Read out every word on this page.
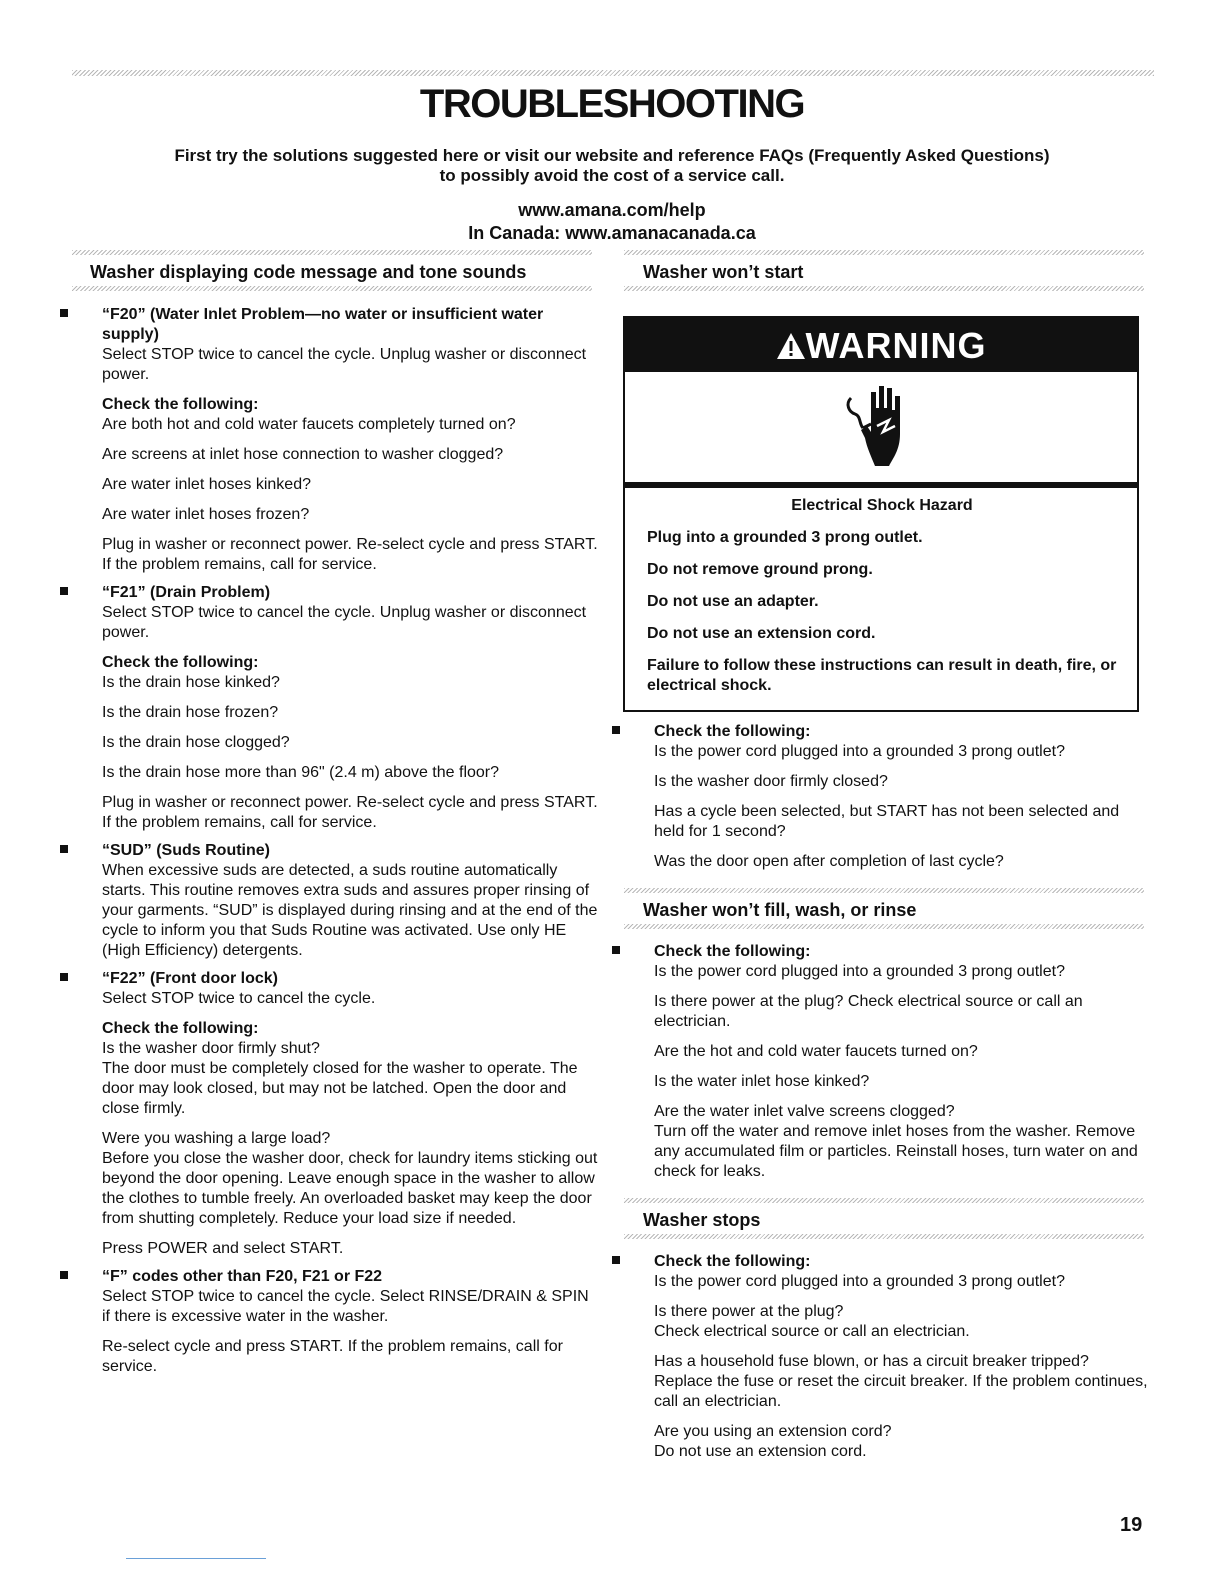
TROUBLESHOOTING
First try the solutions suggested here or visit our website and reference FAQs (Frequently Asked Questions)
to possibly avoid the cost of a service call.
www.amana.com/help
In Canada: www.amanacanada.ca
Washer displaying code message and tone sounds	Washer won’t start
“F20” (Water Inlet Problem—no water or insufficient water supply)
Select STOP twice to cancel the cycle. Unplug washer or disconnect power.
Check the following:
Are both hot and cold water faucets completely turned on?
Are screens at inlet hose connection to washer clogged?
Are water inlet hoses kinked?
Are water inlet hoses frozen?
Plug in washer or reconnect power. Re-select cycle and press START. If the problem remains, call for service.
“F21” (Drain Problem)
Select STOP twice to cancel the cycle. Unplug washer or disconnect power.
Check the following:
Is the drain hose kinked?
Is the drain hose frozen?
Is the drain hose clogged?
Is the drain hose more than 96" (2.4 m) above the floor?
Plug in washer or reconnect power. Re-select cycle and press START. If the problem remains, call for service.
“SUD” (Suds Routine)
When excessive suds are detected, a suds routine automatically starts. This routine removes extra suds and assures proper rinsing of your garments. “SUD” is displayed during rinsing and at the end of the cycle to inform you that Suds Routine was activated. Use only HE (High Efficiency) detergents.
“F22” (Front door lock)
Select STOP twice to cancel the cycle.
Check the following:
Is the washer door firmly shut?
The door must be completely closed for the washer to operate. The door may look closed, but may not be latched. Open the door and close firmly.
Were you washing a large load?
Before you close the washer door, check for laundry items sticking out beyond the door opening. Leave enough space in the washer to allow the clothes to tumble freely. An overloaded basket may keep the door from shutting completely. Reduce your load size if needed.
Press POWER and select START.
“F” codes other than F20, F21 or F22
Select STOP twice to cancel the cycle. Select RINSE/DRAIN & SPIN if there is excessive water in the washer.
Re-select cycle and press START. If the problem remains, call for service.
WARNING
Electrical Shock Hazard
Plug into a grounded 3 prong outlet.
Do not remove ground prong.
Do not use an adapter.
Do not use an extension cord.
Failure to follow these instructions can result in death, fire, or electrical shock.
Check the following:
Is the power cord plugged into a grounded 3 prong outlet?
Is the washer door firmly closed?
Has a cycle been selected, but START has not been selected and held for 1 second?
Was the door open after completion of last cycle?
Washer won’t fill, wash, or rinse
Check the following:
Is the power cord plugged into a grounded 3 prong outlet?
Is there power at the plug? Check electrical source or call an electrician.
Are the hot and cold water faucets turned on?
Is the water inlet hose kinked?
Are the water inlet valve screens clogged?
Turn off the water and remove inlet hoses from the washer. Remove any accumulated film or particles. Reinstall hoses, turn water on and check for leaks.
Washer stops
Check the following:
Is the power cord plugged into a grounded 3 prong outlet?
Is there power at the plug?
Check electrical source or call an electrician.
Has a household fuse blown, or has a circuit breaker tripped?
Replace the fuse or reset the circuit breaker. If the problem continues, call an electrician.
Are you using an extension cord?
Do not use an extension cord.
19
